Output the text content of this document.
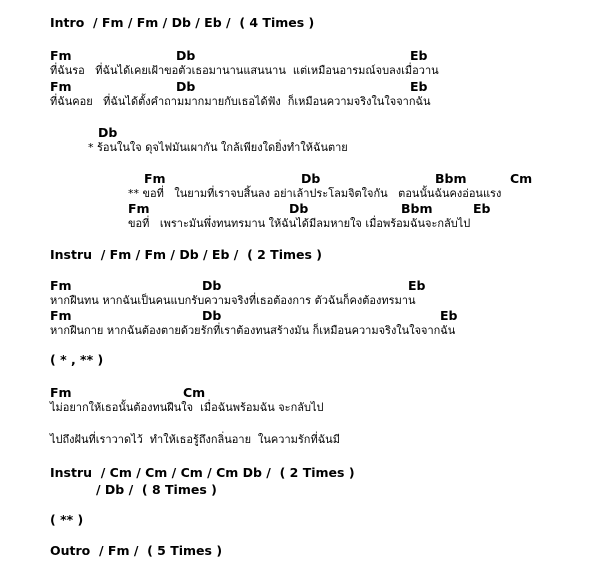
Intro / Fm / Fm / Db / Eb / ( 4 Times )
Fm	Db	Eb
ที่ฉันรอ   ที่ฉันได้เคยเฝ้าขอตัวเธอมานานแสนนาน  แต่เหมือนอารมณ์จบลงเมื่อวาน
Fm	Db	Eb
ที่ฉันคอย   ที่ฉันได้ตั้งคำถามมากมายกับเธอได้ฟัง  ก็เหมือนความจริงในใจจากฉัน
Db
* ร้อนในใจ ดุจไฟมันเผากัน ใกล้เพียงใดยิ่งทำให้ฉันตาย
Fm	Db	Bbm	Cm
** ขอที่   ในยามที่เราจบสิ้นลง อย่าเล้าประโลมจิตใจกัน   ตอนนั้นฉันคงอ่อนแรง
Fm	Db	Bbm	Eb
ขอที่   เพราะมันพึ่งทนทรมาน ให้ฉันได้มีลมหายใจ เมื่อพร้อมฉันจะกลับไป
Instru / Fm / Fm / Db / Eb / ( 2 Times )
Fm	Db	Eb
หากฝืนทน หากฉันเป็นคนแบกรับความจริงที่เธอต้องการ ตัวฉันก็คงต้องทรมาน
Fm	Db	Eb
หากฝืนกาย หากฉันต้องตายด้วยรักที่เราต้องทนสร้างมัน ก็เหมือนความจริงในใจจากฉัน
( * , ** )
Fm	Cm
ไม่อยากให้เธอนั้นต้องทนฝืนใจ  เมื่อฉันพร้อมฉัน จะกลับไป
ไปถึงฝันที่เราวาดไว้  ทำให้เธอรู้ถึงกลิ่นอาย  ในความรักที่ฉันมี
Instru / Cm / Cm / Cm / Cm Db / ( 2 Times )
/ Db / ( 8 Times )
( ** )
Outro / Fm / ( 5 Times )
